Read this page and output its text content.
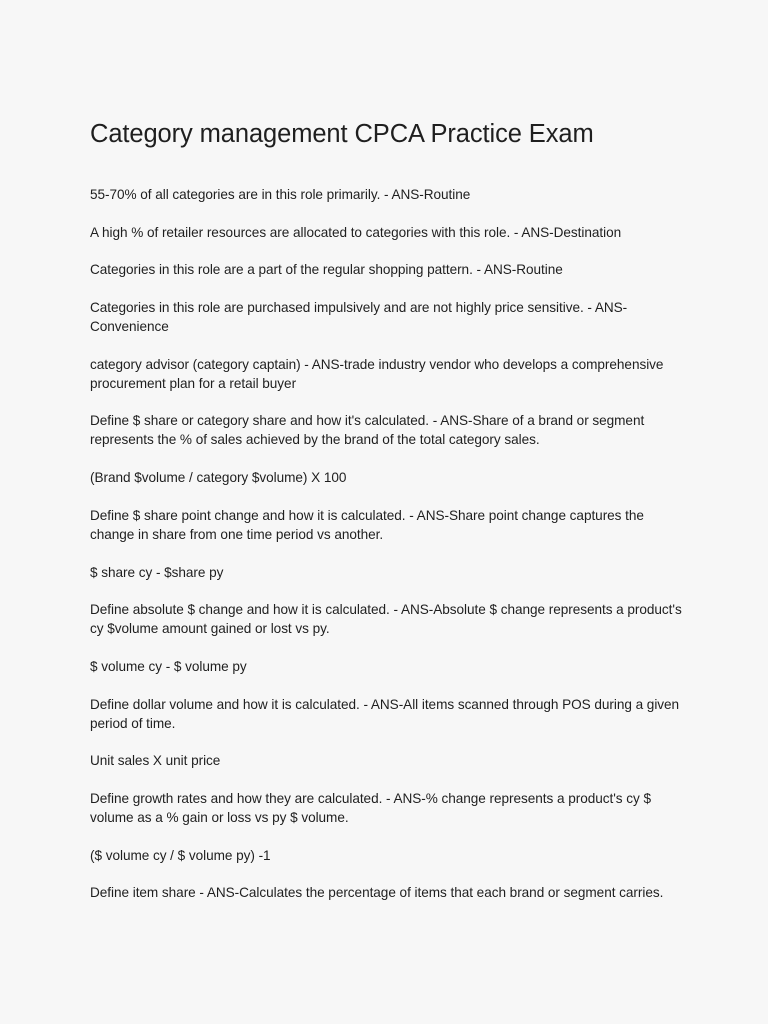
Category management CPCA Practice Exam

55-70% of all categories are in this role primarily. - ANS-Routine

A high % of retailer resources are allocated to categories with this role. - ANS-Destination

Categories in this role are a part of the regular shopping pattern. - ANS-Routine

Categories in this role are purchased impulsively and are not highly price sensitive. - ANS-Convenience

category advisor (category captain) - ANS-trade industry vendor who develops a comprehensive procurement plan for a retail buyer

Define $ share or category share and how it's calculated. - ANS-Share of a brand or segment represents the % of sales achieved by the brand of the total category sales.

(Brand $volume / category $volume) X 100

Define $ share point change and how it is calculated. - ANS-Share point change captures the change in share from one time period vs another.

$ share cy - $share py

Define absolute $ change and how it is calculated. - ANS-Absolute $ change represents a product's cy $volume amount gained or lost vs py.

$ volume cy - $ volume py

Define dollar volume and how it is calculated. - ANS-All items scanned through POS during a given period of time.

Unit sales X unit price

Define growth rates and how they are calculated. - ANS-% change represents a product's cy $ volume as a % gain or loss vs py $ volume.

($ volume cy / $ volume py) -1

Define item share - ANS-Calculates the percentage of items that each brand or segment carries.
